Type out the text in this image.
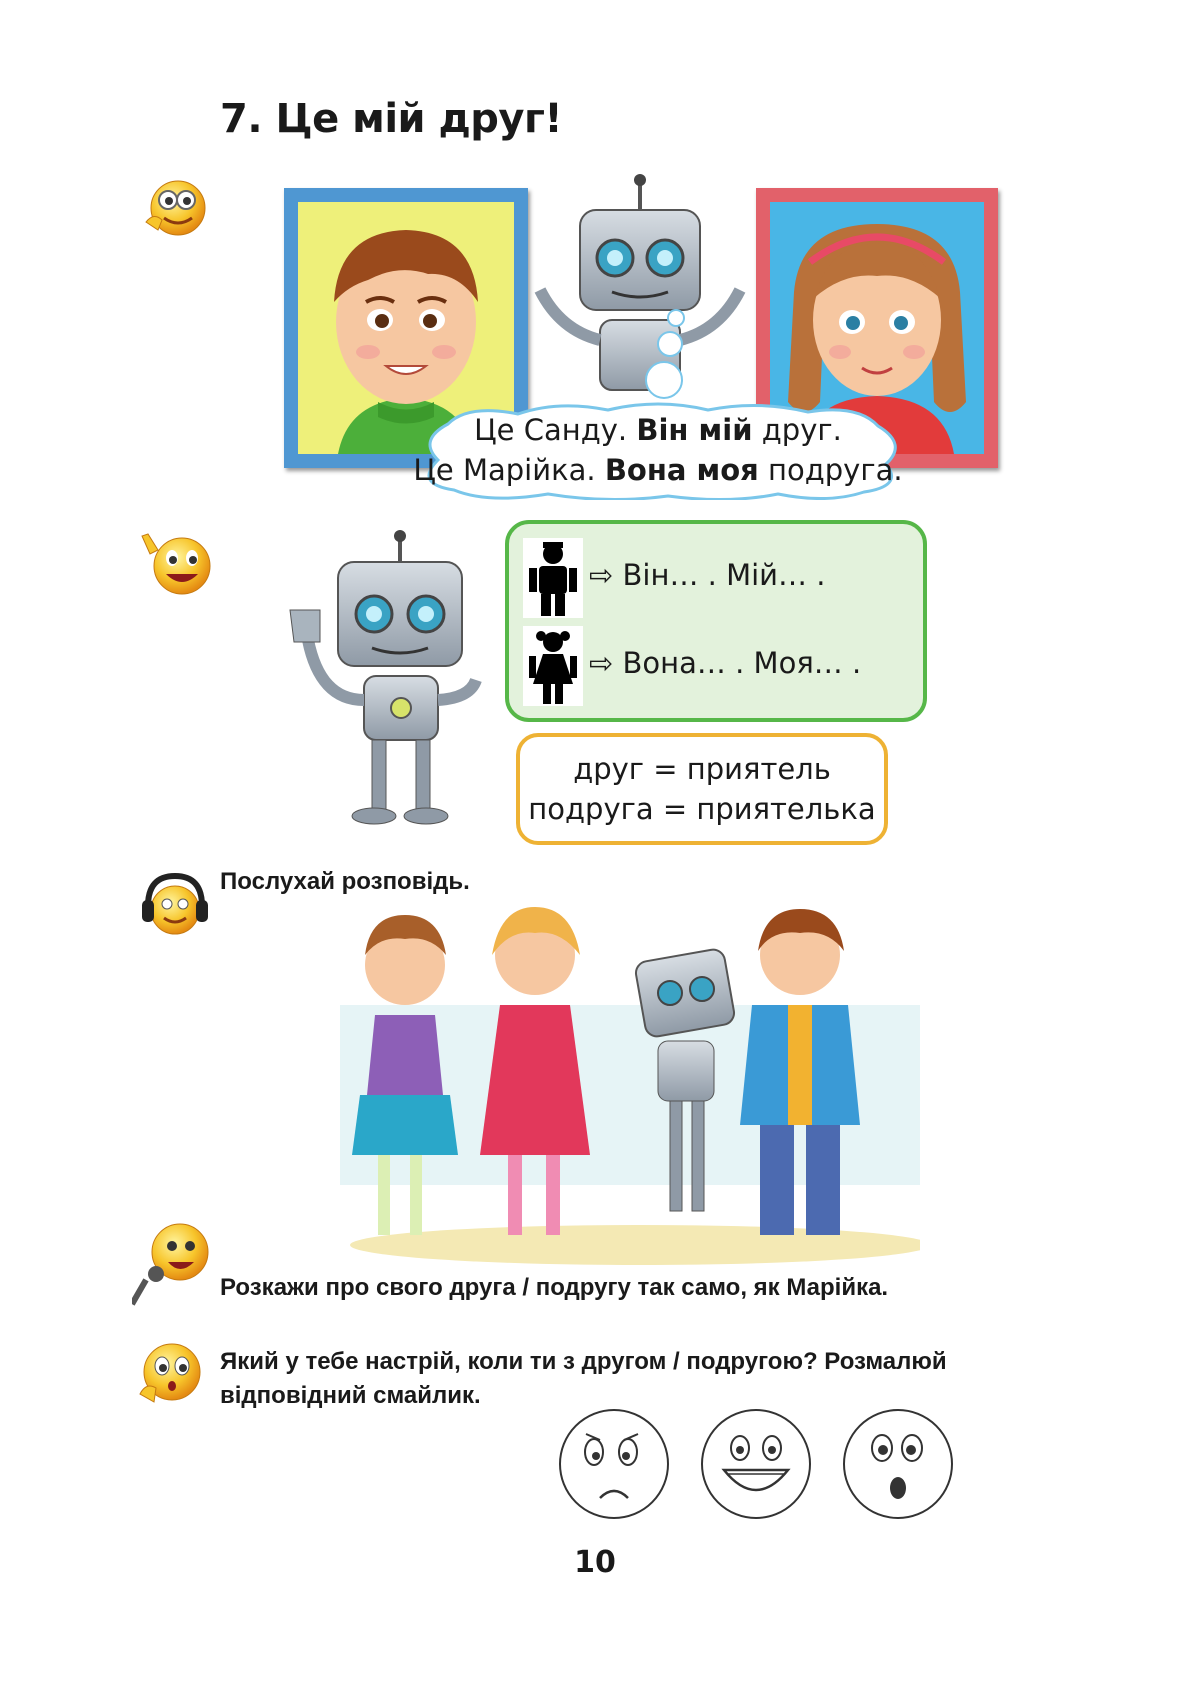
7. Це мій друг!
Це Санду. Він мій друг.
Це Марійка. Вона моя подруга.
⇨ Він… . Мій… .
⇨ Вона… . Моя… .
друг = приятель
подруга = приятелька
Послухай розповідь.
Розкажи про свого друга / подругу так само, як Марійка.
Який у тебе настрій, коли ти з другом / подругою? Розмалюй
відповідний смайлик.
10
